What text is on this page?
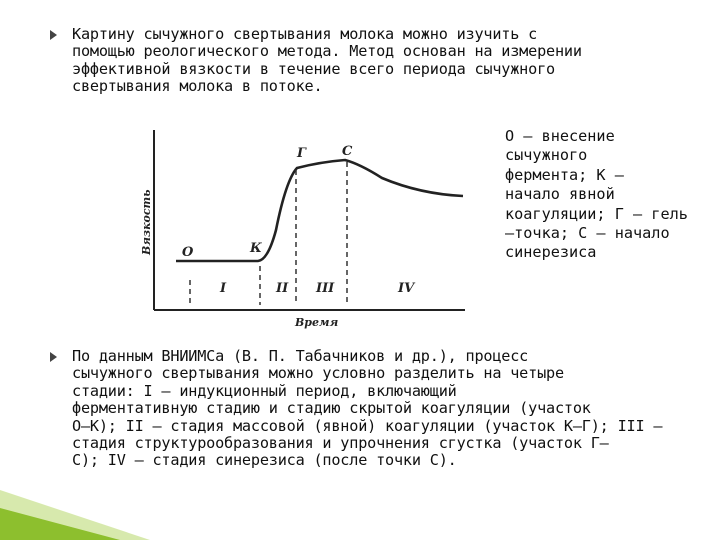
Картину сычужного свертывания молока можно изучить с
помощью реологического метода. Метод основан на измерении
эффективной вязкости в течение всего периода сычужного
свертывания молока в потоке.
Вязкость
Время
О	К
Г	С
I	II III	IV
О – внесение
сычужного
фермента; К –
начало явной
коагуляции; Г – гель
–точка; С – начало
синерезиса
По данным ВНИИМСа (В. П. Табачников и др.), процесс
сычужного свертывания можно условно разделить на четыре
стадии: I – индукционный период, включающий
ферментативную стадию и стадию скрытой коагуляции (участок
О–К); II – стадия массовой (явной) коагуляции (участок К–Г); III –
стадия структурообразования и упрочнения сгустка (участок Г–
С); IV – стадия синерезиса (после точки С).
